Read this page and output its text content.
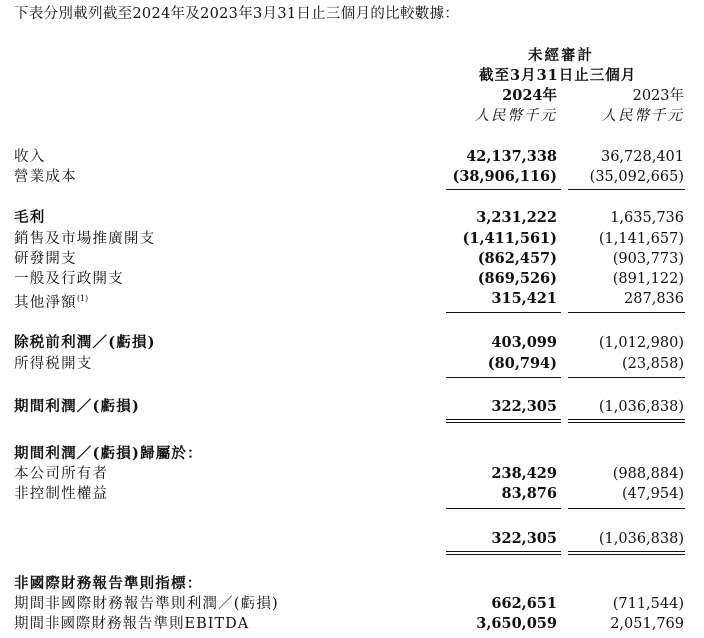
下表分別載列截至2024年及2023年3月31日止三個月的比較數據：
未經審計
截至3月31日止三個月
2024年	2023年
人民幣千元	人民幣千元
收入	42,137,338	36,728,401
營業成本	(38,906,116) (35,092,665)
毛利	3,231,222	1,635,736
銷售及市場推廣開支	(1,411,561)	(1,141,657)
研發開支	(862,457)	(903,773)
一般及行政開支	(869,526)	(891,122)
其他淨額$^{(1)}$	315,421	287,836
除税前利潤／(虧損)	403,099	(1,012,980)
所得税開支	(80,794)	(23,858)
期間利潤／(虧損)	322,305	(1,036,838)
期間利潤／(虧損)歸屬於：
本公司所有者	238,429	(988,884)
非控制性權益	83,876	(47,954)
322,305	(1,036,838)
非國際財務報告準則指標：
期間非國際財務報告準則利潤／(虧損)	662,651	(711,544)
期間非國際財務報告準則EBITDA	3,650,059	2,051,769
